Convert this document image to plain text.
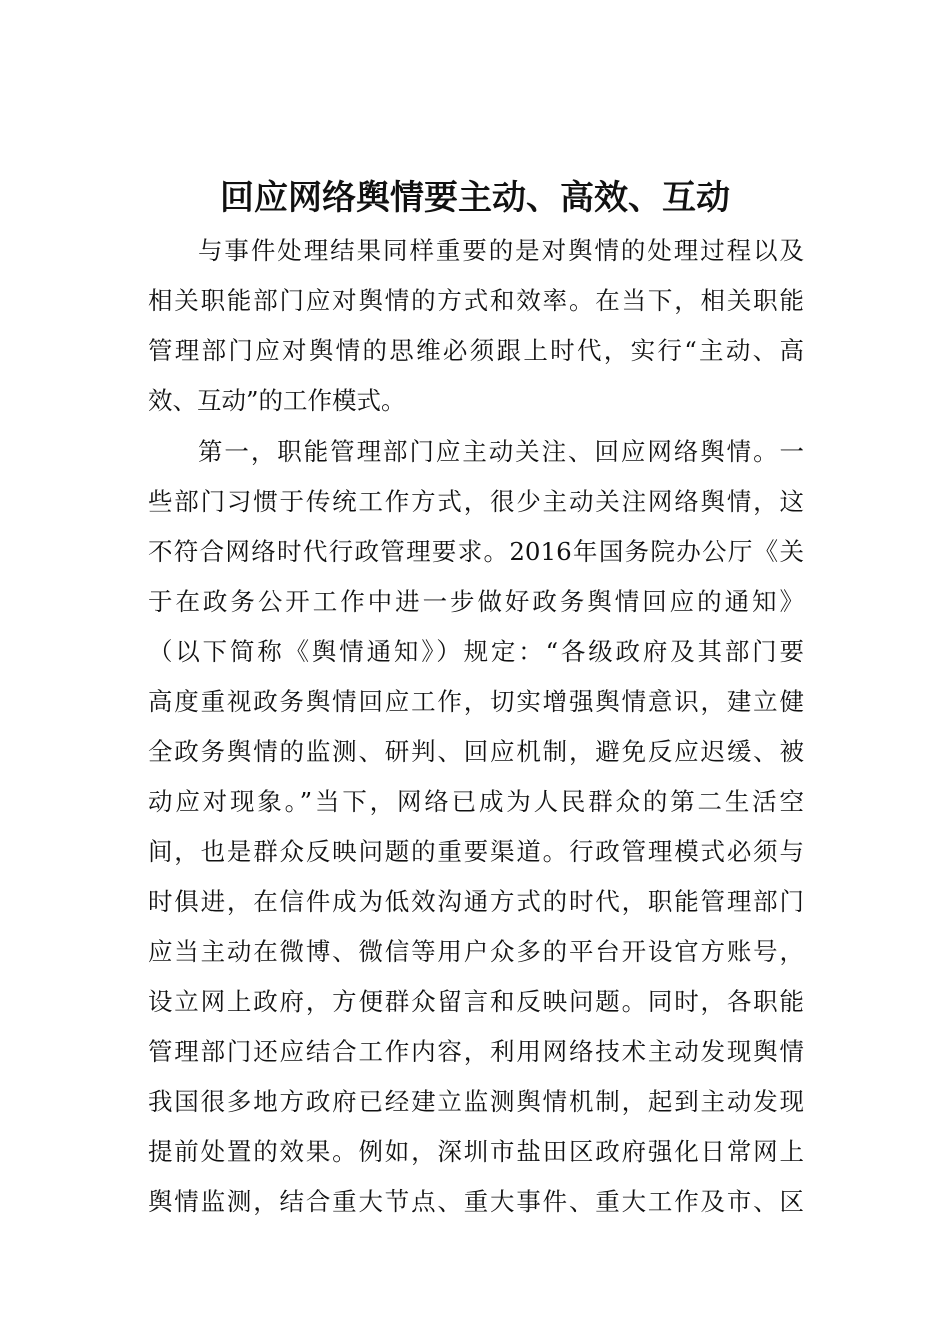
回应网络舆情要主动、高效、互动

与事件处理结果同样重要的是对舆情的处理过程以及

相关职能部门应对舆情的方式和效率。在当下，相关职能

管理部门应对舆情的思维必须跟上时代，实行“主动、高

效、互动”的工作模式。

第一，职能管理部门应主动关注、回应网络舆情。一

些部门习惯于传统工作方式，很少主动关注网络舆情，这

不符合网络时代行政管理要求。2016年国务院办公厅《关

于在政务公开工作中进一步做好政务舆情回应的通知》

（以下简称《舆情通知》）规定：“各级政府及其部门要

高度重视政务舆情回应工作，切实增强舆情意识，建立健

全政务舆情的监测、研判、回应机制，避免反应迟缓、被

动应对现象。”当下，网络已成为人民群众的第二生活空

间，也是群众反映问题的重要渠道。行政管理模式必须与

时俱进，在信件成为低效沟通方式的时代，职能管理部门

应当主动在微博、微信等用户众多的平台开设官方账号，

设立网上政府，方便群众留言和反映问题。同时，各职能

管理部门还应结合工作内容，利用网络技术主动发现舆情

我国很多地方政府已经建立监测舆情机制，起到主动发现

提前处置的效果。例如，深圳市盐田区政府强化日常网上

舆情监测，结合重大节点、重大事件、重大工作及市、区
